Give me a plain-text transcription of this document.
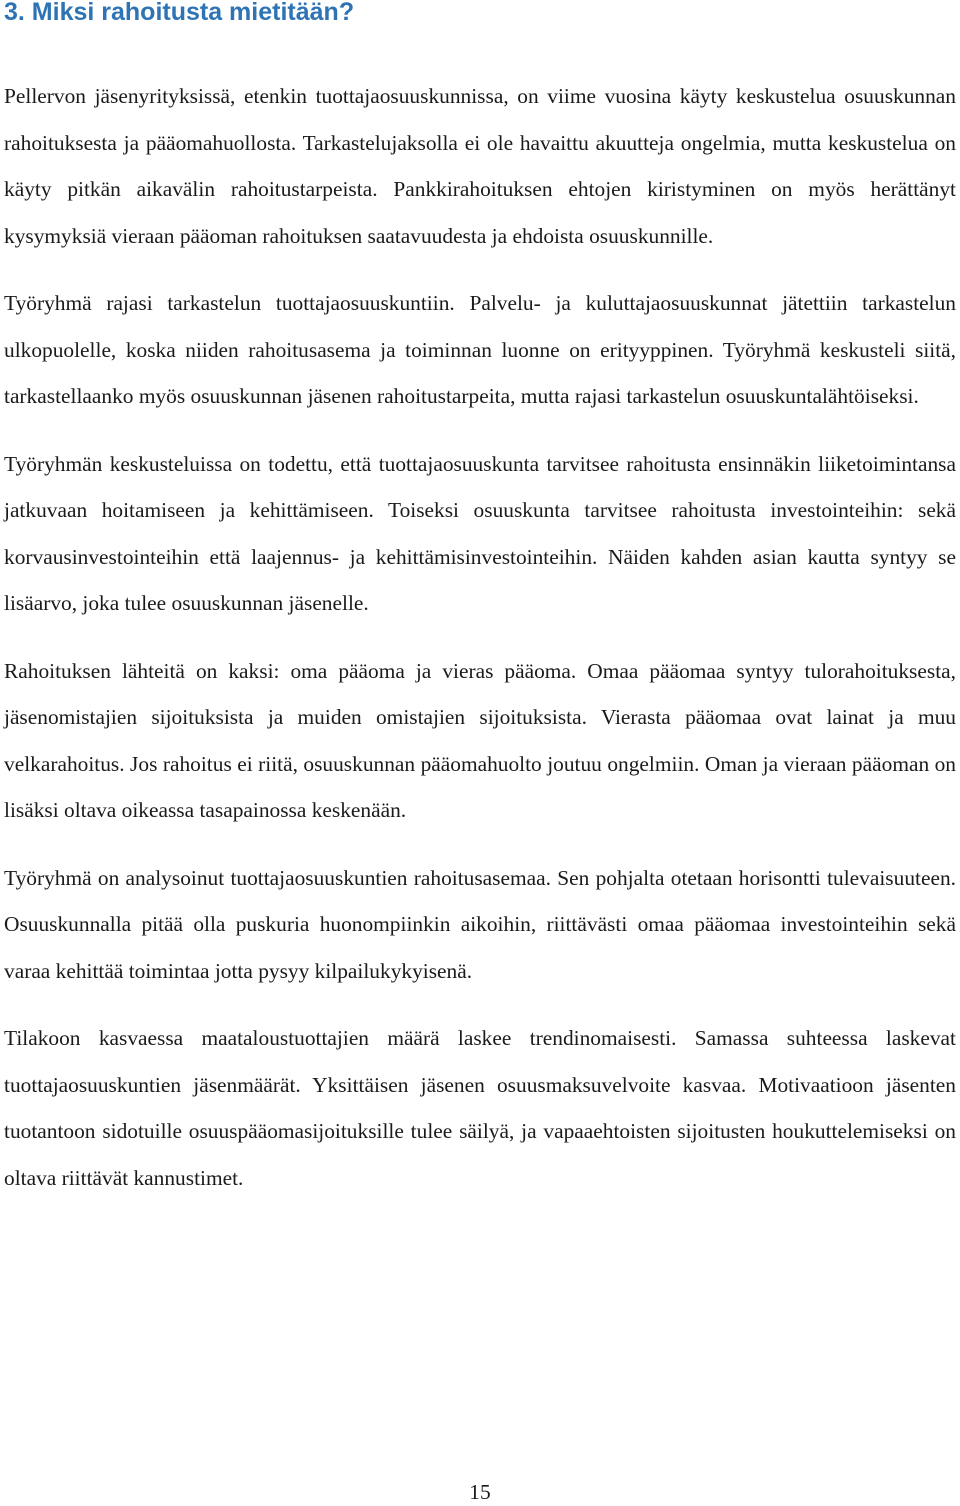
3. Miksi rahoitusta mietitään?

Pellervon jäsenyrityksissä, etenkin tuottajaosuuskunnissa, on viime vuosina käyty keskustelua osuuskunnan rahoituksesta ja pääomahuollosta. Tarkastelujaksolla ei ole havaittu akuutteja ongelmia, mutta keskustelua on käyty pitkän aikavälin rahoitustarpeista. Pankkirahoituksen ehtojen kiristyminen on myös herättänyt kysymyksiä vieraan pääoman rahoituksen saatavuudesta ja ehdoista osuuskunnille.

Työryhmä rajasi tarkastelun tuottajaosuuskuntiin. Palvelu- ja kuluttajaosuuskunnat jätettiin tarkastelun ulkopuolelle, koska niiden rahoitusasema ja toiminnan luonne on erityyppinen. Työryhmä keskusteli siitä, tarkastellaanko myös osuuskunnan jäsenen rahoitustarpeita, mutta rajasi tarkastelun osuuskuntalähtöiseksi.

Työryhmän keskusteluissa on todettu, että tuottajaosuuskunta tarvitsee rahoitusta ensinnäkin liiketoimintansa jatkuvaan hoitamiseen ja kehittämiseen. Toiseksi osuuskunta tarvitsee rahoitusta investointeihin: sekä korvausinvestointeihin että laajennus- ja kehittämisinvestointeihin. Näiden kahden asian kautta syntyy se lisäarvo, joka tulee osuuskunnan jäsenelle.

Rahoituksen lähteitä on kaksi: oma pääoma ja vieras pääoma. Omaa pääomaa syntyy tulorahoituksesta, jäsenomistajien sijoituksista ja muiden omistajien sijoituksista. Vierasta pääomaa ovat lainat ja muu velkarahoitus. Jos rahoitus ei riitä, osuuskunnan pääomahuolto joutuu ongelmiin. Oman ja vieraan pääoman on lisäksi oltava oikeassa tasapainossa keskenään.

Työryhmä on analysoinut tuottajaosuuskuntien rahoitusasemaa. Sen pohjalta otetaan horisontti tulevaisuuteen. Osuuskunnalla pitää olla puskuria huonompiinkin aikoihin, riittävästi omaa pääomaa investointeihin sekä varaa kehittää toimintaa jotta pysyy kilpailukykyisenä.

Tilakoon kasvaessa maataloustuottajien määrä laskee trendinomaisesti. Samassa suhteessa laskevat tuottajaosuuskuntien jäsenmäärät. Yksittäisen jäsenen osuusmaksuvelvoite kasvaa. Motivaatioon jäsenten tuotantoon sidotuille osuuspääomasijoituksille tulee säilyä, ja vapaaehtoisten sijoitusten houkuttelemiseksi on oltava riittävät kannustimet.

15
